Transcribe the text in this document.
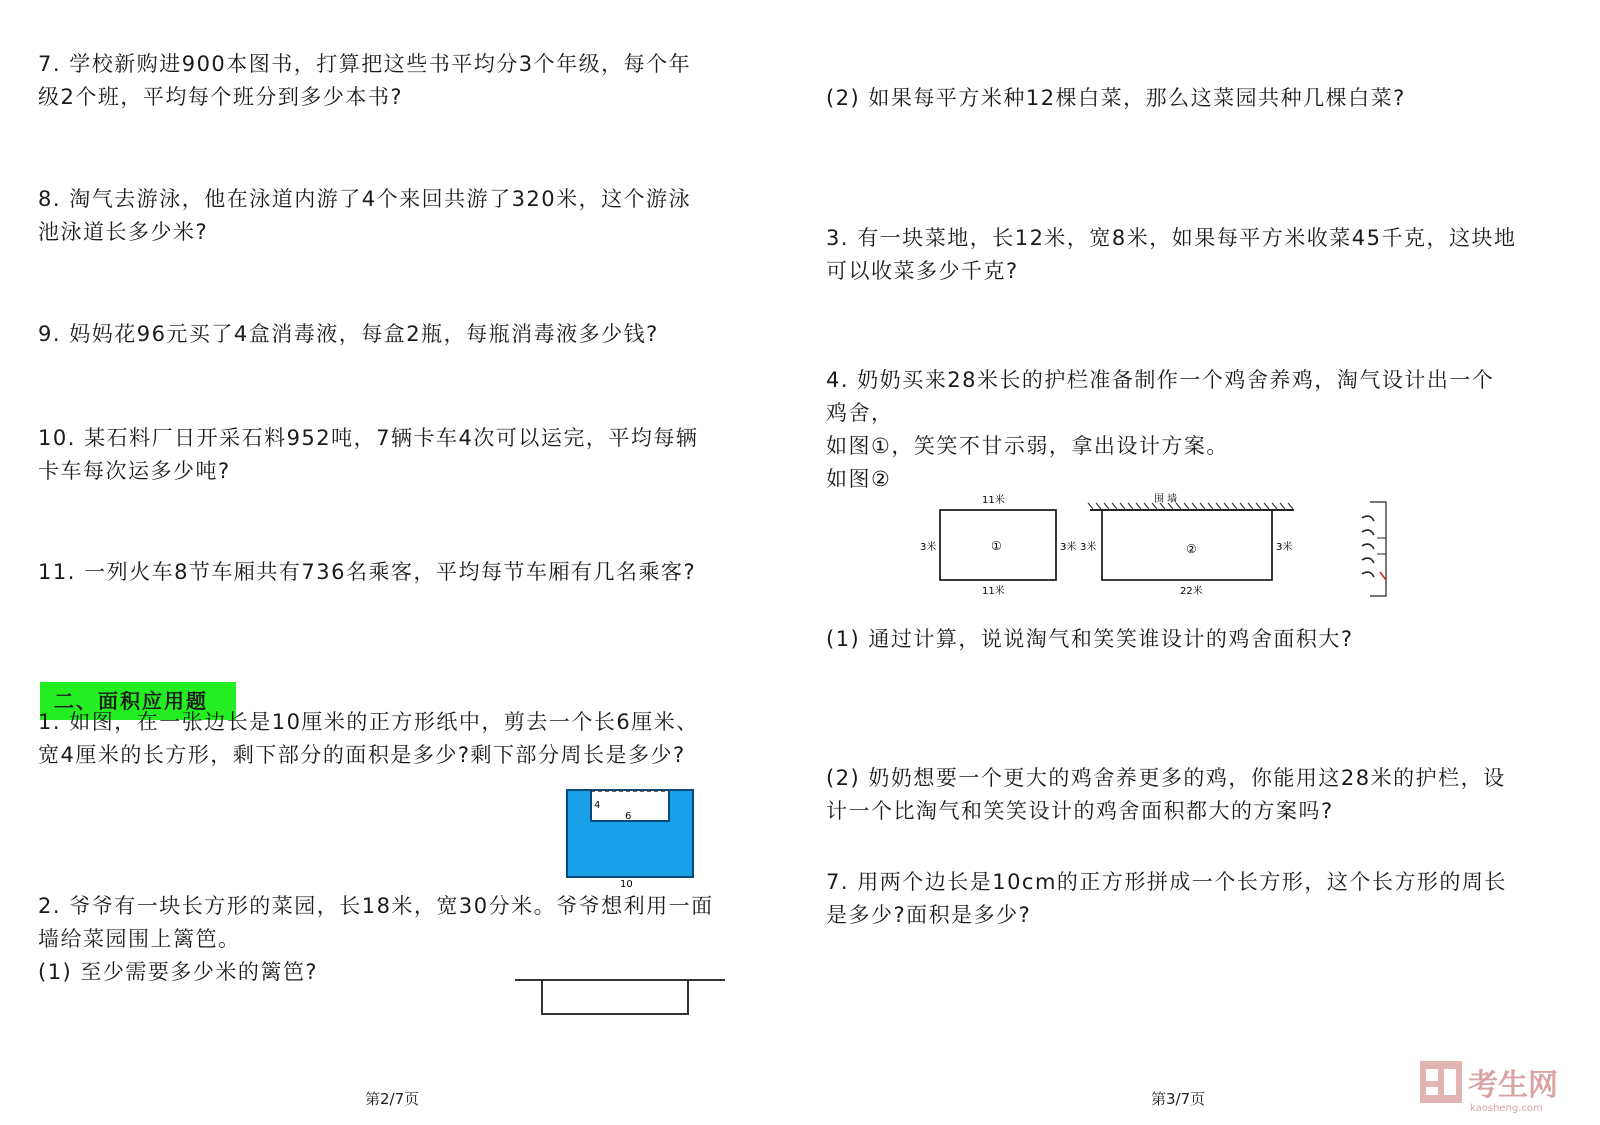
7. 学校新购进900本图书，打算把这些书平均分3个年级，每个年
级2个班，平均每个班分到多少本书?
8. 淘气去游泳，他在泳道内游了4个来回共游了320米，这个游泳
池泳道长多少米?
9. 妈妈花96元买了4盒消毒液，每盒2瓶，每瓶消毒液多少钱?
10. 某石料厂日开采石料952吨，7辆卡车4次可以运完，平均每辆
卡车每次运多少吨?
11. 一列火车8节车厢共有736名乘客，平均每节车厢有几名乘客?
二、面积应用题
1. 如图，在一张边长是10厘米的正方形纸中，剪去一个长6厘米、
宽4厘米的长方形，剩下部分的面积是多少?剩下部分周长是多少?
4
6
10
2. 爷爷有一块长方形的菜园，长18米，宽30分米。爷爷想利用一面
墙给菜园围上篱笆。
(1) 至少需要多少米的篱笆?
第2/7页
(2) 如果每平方米种12棵白菜，那么这菜园共种几棵白菜?
3. 有一块菜地，长12米，宽8米，如果每平方米收菜45千克，这块地
可以收菜多少千克?
4. 奶奶买来28米长的护栏准备制作一个鸡舍养鸡，淘气设计出一个
鸡舍，
如图①，笑笑不甘示弱，拿出设计方案。
如图②
11米
11米
3米	3米
①
围 墙
3米	3米
22米
②
(1) 通过计算，说说淘气和笑笑谁设计的鸡舍面积大?
(2) 奶奶想要一个更大的鸡舍养更多的鸡，你能用这28米的护栏，设
计一个比淘气和笑笑设计的鸡舍面积都大的方案吗?
7. 用两个边长是10cm的正方形拼成一个长方形，这个长方形的周长
是多少?面积是多少?
第3/7页	考生网
kaosheng.com
